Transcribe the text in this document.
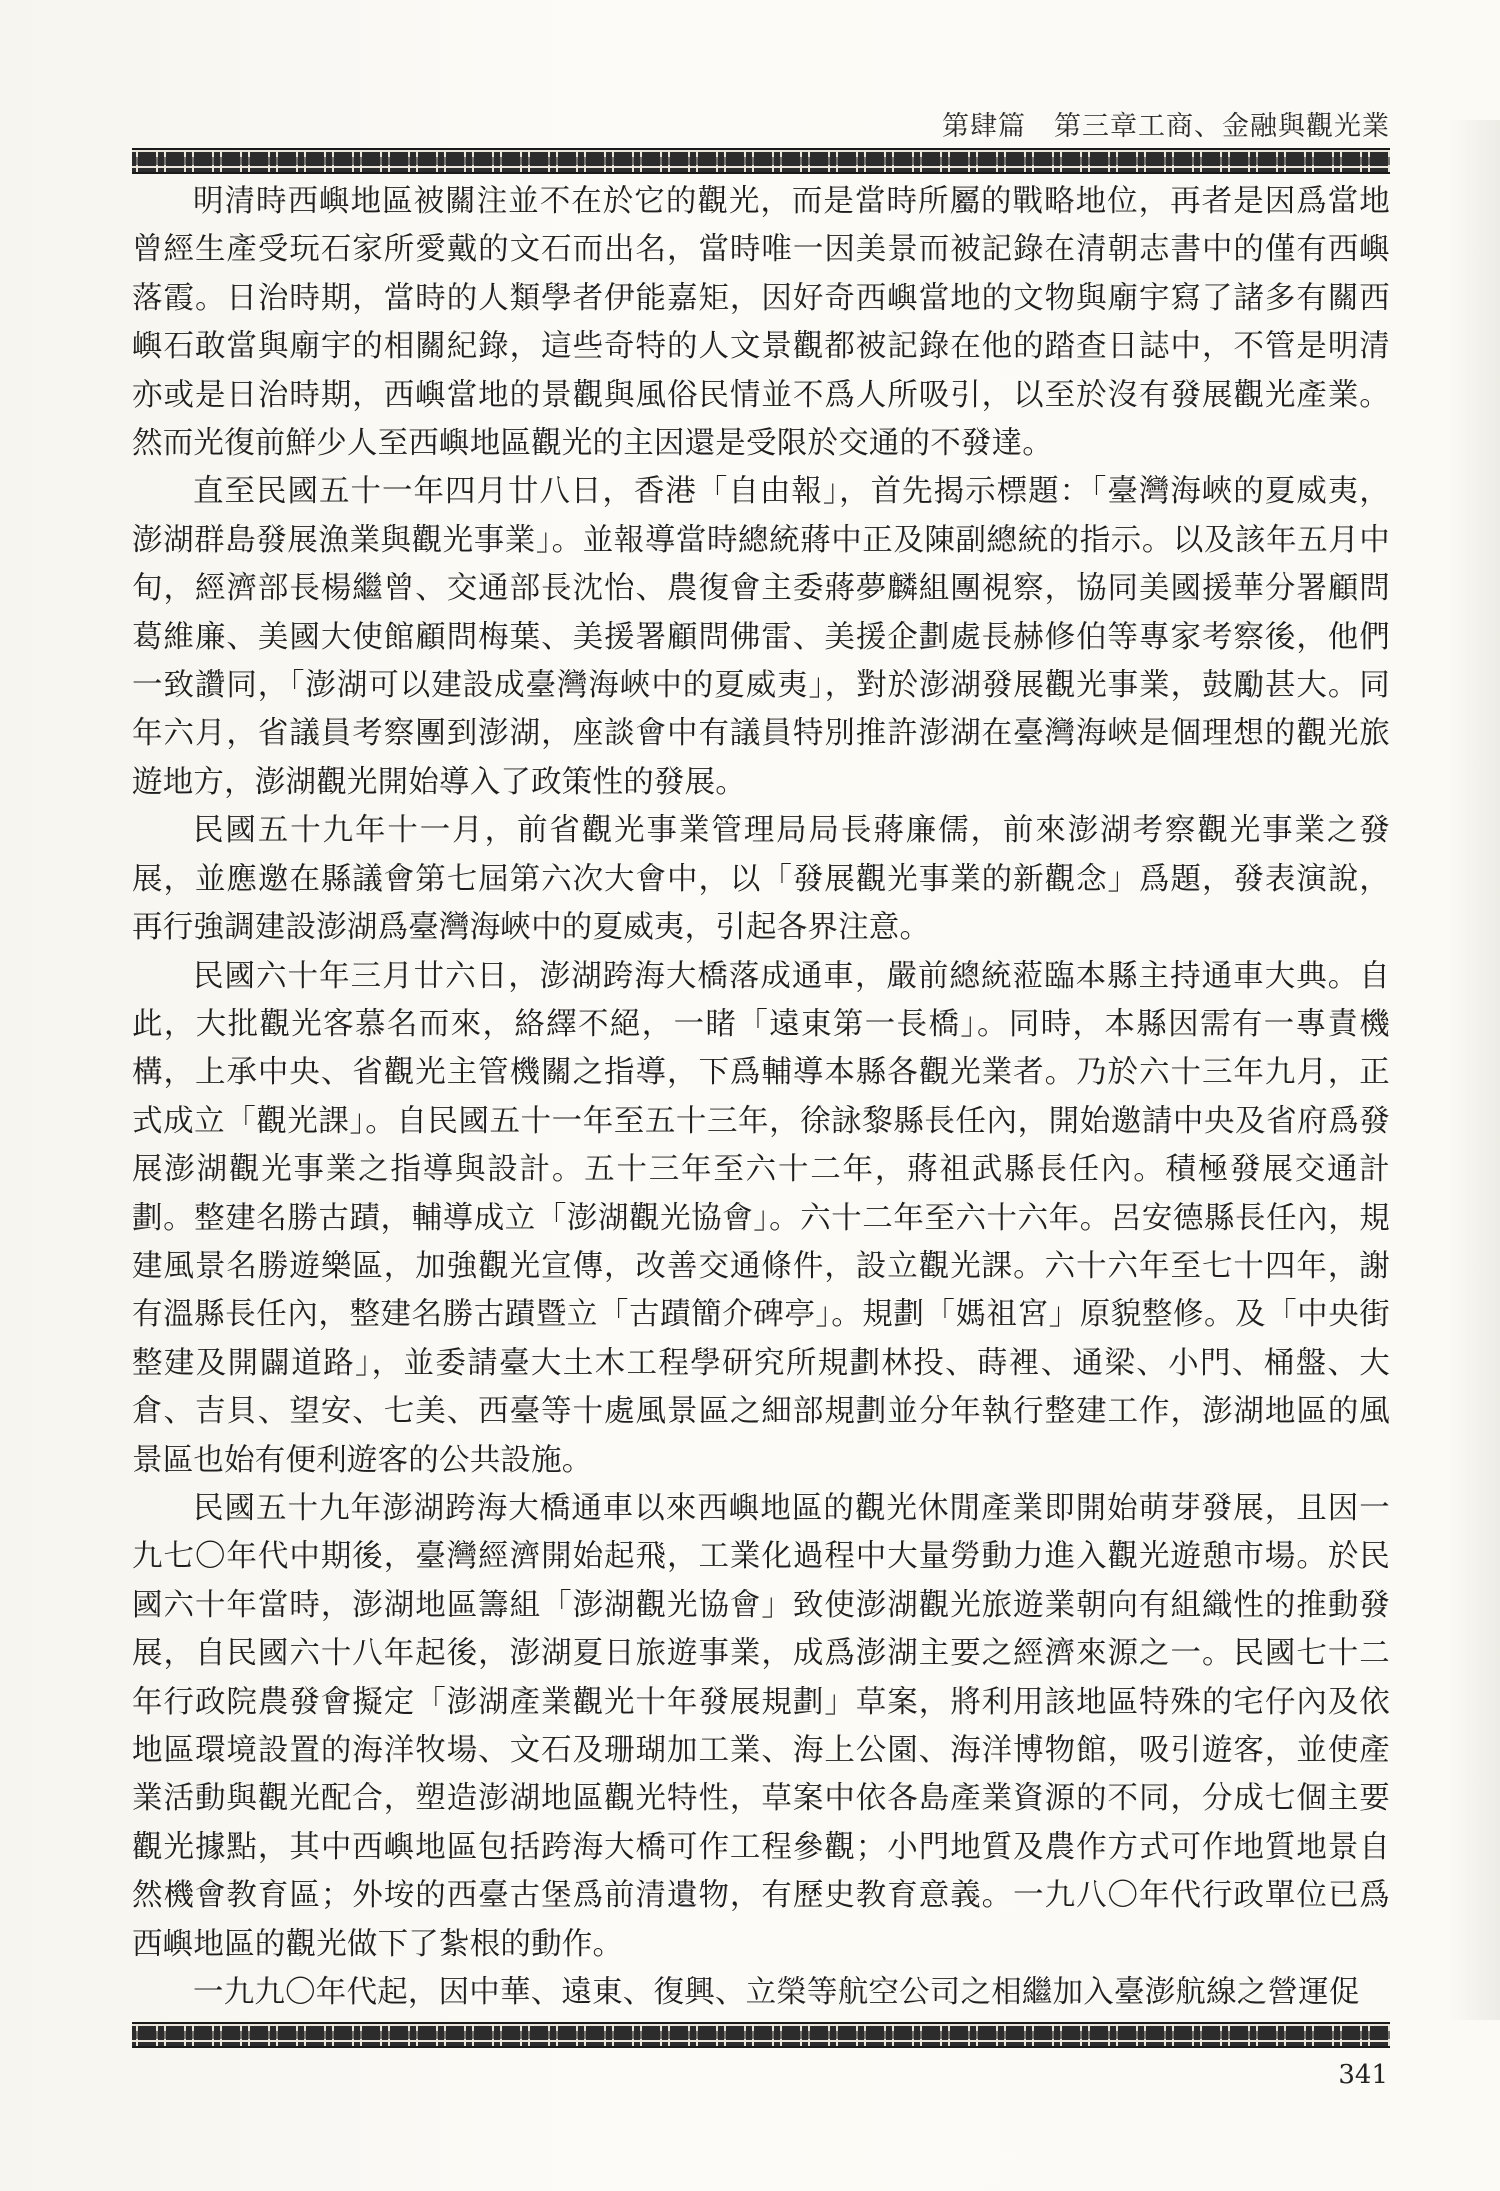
第肆篇　第三章工商、金融與觀光業

明清時西嶼地區被關注並不在於它的觀光，而是當時所屬的戰略地位，再者是因爲當地曾經生產受玩石家所愛戴的文石而出名，當時唯一因美景而被記錄在清朝志書中的僅有西嶼落霞。日治時期，當時的人類學者伊能嘉矩，因好奇西嶼當地的文物與廟宇寫了諸多有關西嶼石敢當與廟宇的相關紀錄，這些奇特的人文景觀都被記錄在他的踏查日誌中，不管是明清亦或是日治時期，西嶼當地的景觀與風俗民情並不爲人所吸引，以至於沒有發展觀光產業。然而光復前鮮少人至西嶼地區觀光的主因還是受限於交通的不發達。

直至民國五十一年四月廿八日，香港「自由報」，首先揭示標題：「臺灣海峽的夏威夷，澎湖群島發展漁業與觀光事業」。並報導當時總統蔣中正及陳副總統的指示。以及該年五月中旬，經濟部長楊繼曾、交通部長沈怡、農復會主委蔣夢麟組團視察，協同美國援華分署顧問葛維廉、美國大使館顧問梅葉、美援署顧問佛雷、美援企劃處長赫修伯等專家考察後，他們一致讚同，「澎湖可以建設成臺灣海峽中的夏威夷」，對於澎湖發展觀光事業，鼓勵甚大。同年六月，省議員考察團到澎湖，座談會中有議員特別推許澎湖在臺灣海峽是個理想的觀光旅遊地方，澎湖觀光開始導入了政策性的發展。

民國五十九年十一月，前省觀光事業管理局局長蔣廉儒，前來澎湖考察觀光事業之發展，並應邀在縣議會第七屆第六次大會中，以「發展觀光事業的新觀念」爲題，發表演說，再行強調建設澎湖爲臺灣海峽中的夏威夷，引起各界注意。

民國六十年三月廿六日，澎湖跨海大橋落成通車，嚴前總統蒞臨本縣主持通車大典。自此，大批觀光客慕名而來，絡繹不絕，一睹「遠東第一長橋」。同時，本縣因需有一專責機構，上承中央、省觀光主管機關之指導，下爲輔導本縣各觀光業者。乃於六十三年九月，正式成立「觀光課」。自民國五十一年至五十三年，徐詠黎縣長任內，開始邀請中央及省府爲發展澎湖觀光事業之指導與設計。五十三年至六十二年，蔣祖武縣長任內。積極發展交通計劃。整建名勝古蹟，輔導成立「澎湖觀光協會」。六十二年至六十六年。呂安德縣長任內，規建風景名勝遊樂區，加強觀光宣傳，改善交通條件，設立觀光課。六十六年至七十四年，謝有溫縣長任內，整建名勝古蹟暨立「古蹟簡介碑亭」。規劃「媽祖宮」原貌整修。及「中央街整建及開闢道路」，並委請臺大土木工程學研究所規劃林投、蒔裡、通梁、小門、桶盤、大倉、吉貝、望安、七美、西臺等十處風景區之細部規劃並分年執行整建工作，澎湖地區的風景區也始有便利遊客的公共設施。

民國五十九年澎湖跨海大橋通車以來西嶼地區的觀光休閒產業即開始萌芽發展，且因一九七〇年代中期後，臺灣經濟開始起飛，工業化過程中大量勞動力進入觀光遊憩市場。於民國六十年當時，澎湖地區籌組「澎湖觀光協會」致使澎湖觀光旅遊業朝向有組織性的推動發展，自民國六十八年起後，澎湖夏日旅遊事業，成爲澎湖主要之經濟來源之一。民國七十二年行政院農發會擬定「澎湖產業觀光十年發展規劃」草案，將利用該地區特殊的宅仔內及依地區環境設置的海洋牧場、文石及珊瑚加工業、海上公園、海洋博物館，吸引遊客，並使產業活動與觀光配合，塑造澎湖地區觀光特性，草案中依各島產業資源的不同，分成七個主要觀光據點，其中西嶼地區包括跨海大橋可作工程參觀；小門地質及農作方式可作地質地景自然機會教育區；外垵的西臺古堡爲前清遺物，有歷史教育意義。一九八〇年代行政單位已爲西嶼地區的觀光做下了紮根的動作。

一九九〇年代起，因中華、遠東、復興、立榮等航空公司之相繼加入臺澎航線之營運促

341
